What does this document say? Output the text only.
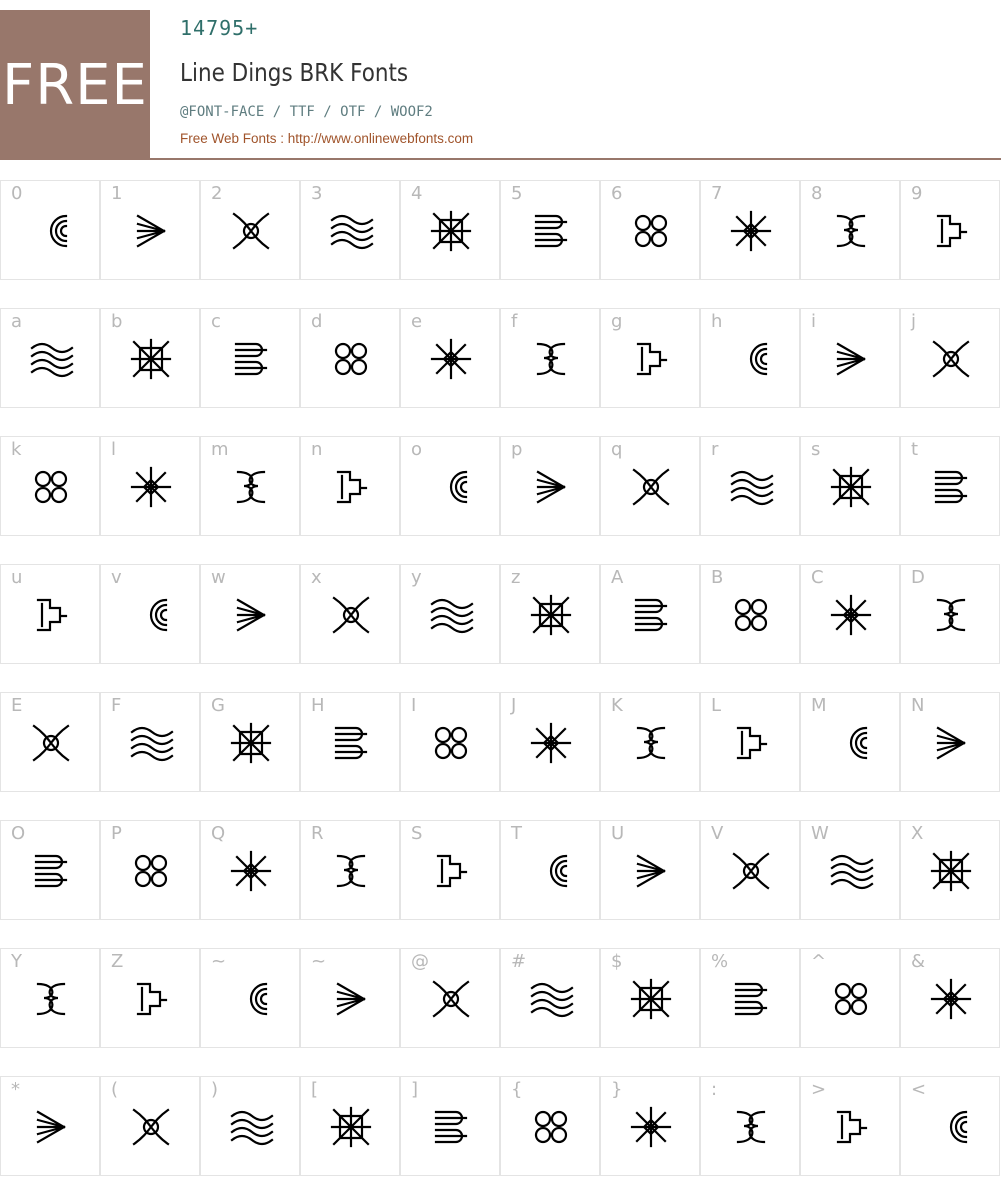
FREE
14795+
Line Dings BRK Fonts
@FONT-FACE / TTF / OTF / WOOF2
Free Web Fonts : http://www.onlinewebfonts.com
0	1	2	3	4	5	6	7	8	9
a	b	c	d	e	f	g	h	i	j
k	l	m	n	o	p	q	r	s	t
u	v	w	x	y	z	A	B	C	D
E	F	G	H	I	J	K	L	M	N
O	P	Q	R	S	T	U	V	W	X
Y	Z	~	~	@	#	$	%	^	&
*	(	)	[	]	{	}	:	>	<
